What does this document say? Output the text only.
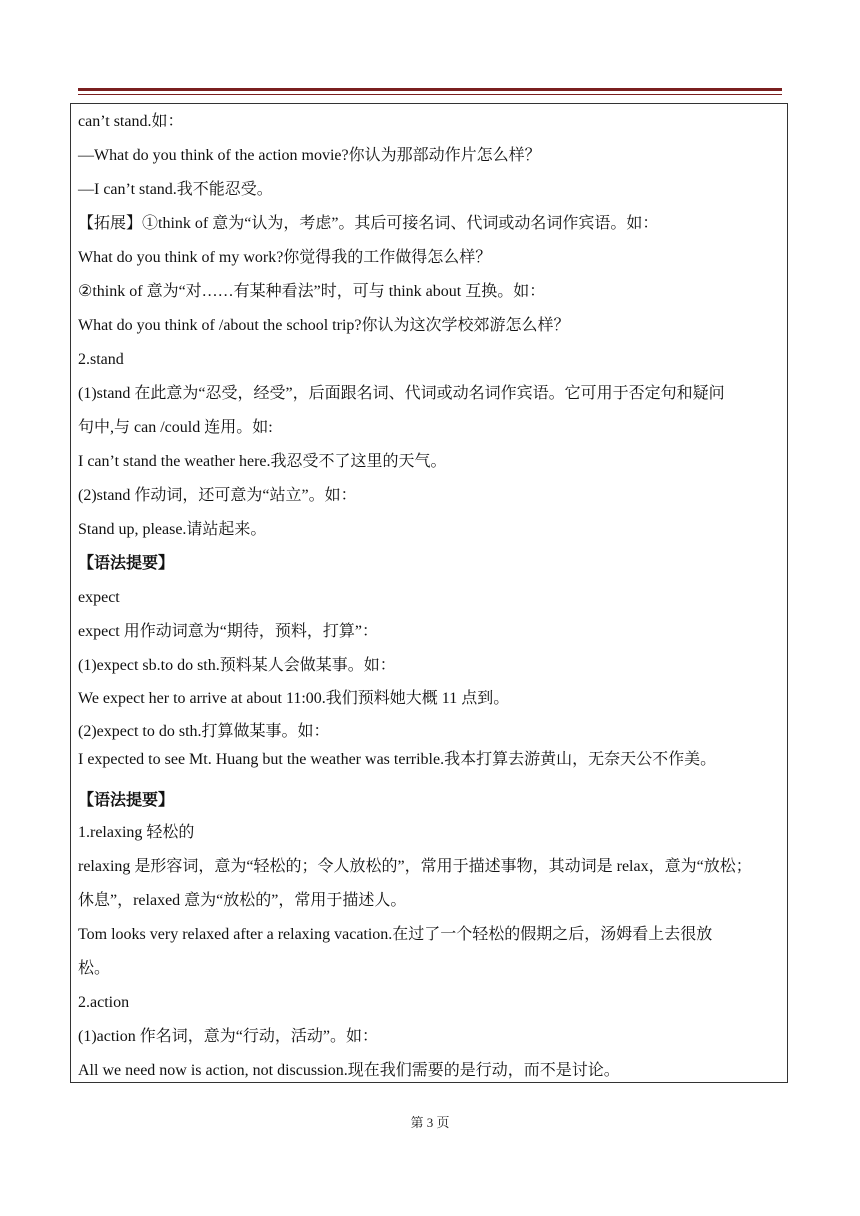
can’t stand.如：
—What do you think of the action movie?你认为那部动作片怎么样？
—I can’t stand.我不能忍受。
【拓展】①think of 意为“认为，考虑”。其后可接名词、代词或动名词作宾语。如：
What do you think of my work?你觉得我的工作做得怎么样？
②think of 意为“对……有某种看法”时，可与 think about 互换。如：
What do you think of /about the school trip?你认为这次学校郊游怎么样？
2.stand
(1)stand 在此意为“忍受，经受”，后面跟名词、代词或动名词作宾语。它可用于否定句和疑问
句中,与 can /could 连用。如:
I can’t stand the weather here.我忍受不了这里的天气。
(2)stand 作动词，还可意为“站立”。如：
Stand up, please.请站起来。
【语法提要】
expect
expect 用作动词意为“期待，预料，打算”：
(1)expect sb.to do sth.预料某人会做某事。如：
We expect her to arrive at about 11:00.我们预料她大概 11 点到。
(2)expect to do sth.打算做某事。如：
I expected to see Mt. Huang but the weather was terrible.我本打算去游黄山，无奈天公不作美。
【语法提要】
1.relaxing 轻松的
relaxing 是形容词，意为“轻松的；令人放松的”，常用于描述事物，其动词是 relax，意为“放松；
休息”，relaxed 意为“放松的”，常用于描述人。
Tom looks very relaxed after a relaxing vacation.在过了一个轻松的假期之后，汤姆看上去很放
松。
2.action
(1)action 作名词，意为“行动，活动”。如：
All we need now is action, not discussion.现在我们需要的是行动，而不是讨论。
第 3 页
